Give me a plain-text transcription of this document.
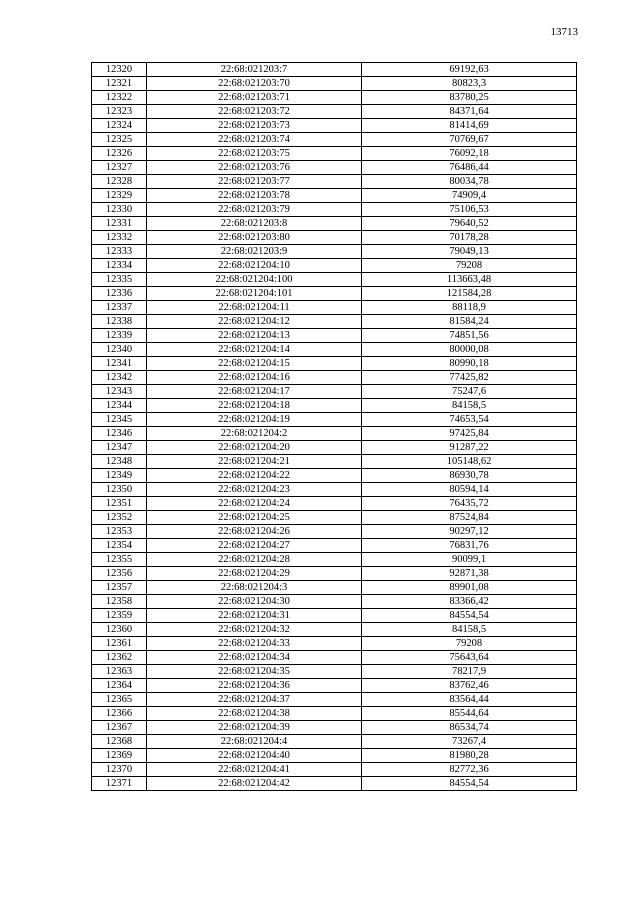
13713
12320	22:68:021203:7	69192,63
12321	22:68:021203:70	80823,3
12322	22:68:021203:71	83780,25
12323	22:68:021203:72	84371,64
12324	22:68:021203:73	81414,69
12325	22:68:021203:74	70769,67
12326	22:68:021203:75	76092,18
12327	22:68:021203:76	76486,44
12328	22:68:021203:77	80034,78
12329	22:68:021203:78	74909,4
12330	22:68:021203:79	75106,53
12331	22:68:021203:8	79640,52
12332	22:68:021203:80	70178,28
12333	22:68:021203:9	79049,13
12334	22:68:021204:10	79208
12335	22:68:021204:100	113663,48
12336	22:68:021204:101	121584,28
12337	22:68:021204:11	88118,9
12338	22:68:021204:12	81584,24
12339	22:68:021204:13	74851,56
12340	22:68:021204:14	80000,08
12341	22:68:021204:15	80990,18
12342	22:68:021204:16	77425,82
12343	22:68:021204:17	75247,6
12344	22:68:021204:18	84158,5
12345	22:68:021204:19	74653,54
12346	22:68:021204:2	97425,84
12347	22:68:021204:20	91287,22
12348	22:68:021204:21	105148,62
12349	22:68:021204:22	86930,78
12350	22:68:021204:23	80594,14
12351	22:68:021204:24	76435,72
12352	22:68:021204:25	87524,84
12353	22:68:021204:26	90297,12
12354	22:68:021204:27	76831,76
12355	22:68:021204:28	90099,1
12356	22:68:021204:29	92871,38
12357	22:68:021204:3	89901,08
12358	22:68:021204:30	83366,42
12359	22:68:021204:31	84554,54
12360	22:68:021204:32	84158,5
12361	22:68:021204:33	79208
12362	22:68:021204:34	75643,64
12363	22:68:021204:35	78217,9
12364	22:68:021204:36	83762,46
12365	22:68:021204:37	83564,44
12366	22:68:021204:38	85544,64
12367	22:68:021204:39	86534,74
12368	22:68:021204:4	73267,4
12369	22:68:021204:40	81980,28
12370	22:68:021204:41	82772,36
12371	22:68:021204:42	84554,54
